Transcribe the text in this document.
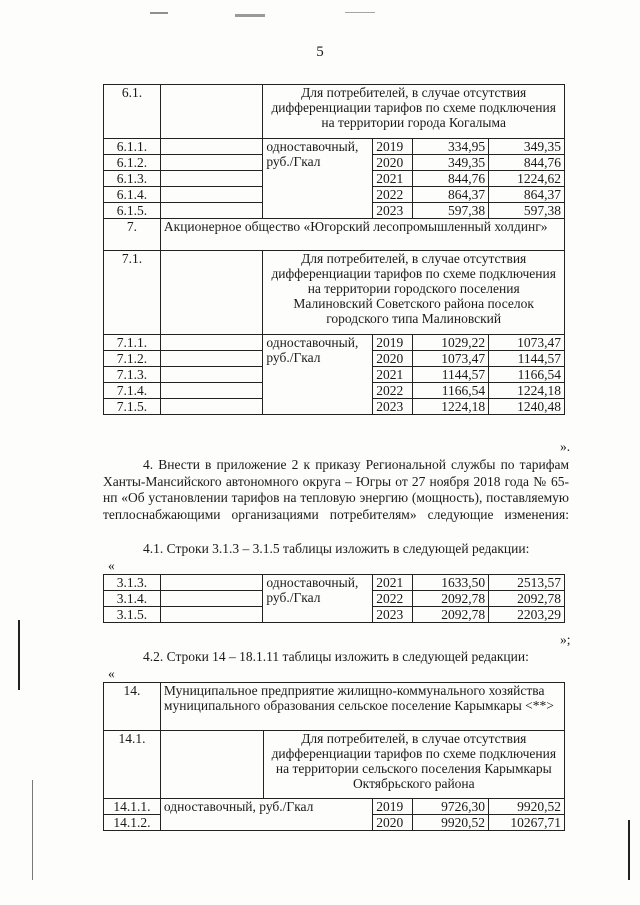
5
6.1.		Для потребителей, в случае отсутствия дифференциации тарифов по схеме подключения на территории города Когалыма			
6.1.1.		одноставочный, руб./Гкал	2019	334,95	349,35
6.1.2.			2020	349,35	844,76
6.1.3.			2021	844,76	1224,62
6.1.4.			2022	864,37	864,37
6.1.5.			2023	597,38	597,38
7.	Акционерное общество «Югорский лесопромышленный холдинг»				
7.1.		Для потребителей, в случае отсутствия дифференциации тарифов по схеме подключения на территории городского поселения Малиновский Советского района поселок городского типа Малиновский			
7.1.1.		одноставочный, руб./Гкал	2019	1029,22	1073,47
7.1.2.			2020	1073,47	1144,57
7.1.3.			2021	1144,57	1166,54
7.1.4.			2022	1166,54	1224,18
7.1.5.			2023	1224,18	1240,48
».
4. Внести в приложение 2 к приказу Региональной службы по тарифам Ханты-Мансийского автономного округа – Югры от 27 ноября 2018 года № 65-нп «Об установлении тарифов на тепловую энергию (мощность), поставляемую теплоснабжающими организациями потребителям» следующие изменения:
4.1. Строки 3.1.3 – 3.1.5 таблицы изложить в следующей редакции:
«
3.1.3.		одноставочный, руб./Гкал	2021	1633,50	2513,57
3.1.4.			2022	2092,78	2092,78
3.1.5.			2023	2092,78	2203,29
»;
4.2. Строки 14 – 18.1.11 таблицы изложить в следующей редакции:
«
14.	Муниципальное предприятие жилищно-коммунального хозяйства муниципального образования сельское поселение Карымкары <**>				
14.1.		Для потребителей, в случае отсутствия дифференциации тарифов по схеме подключения на территории сельского поселения Карымкары Октябрьского района			
14.1.1.	одноставочный, руб./Гкал		2019	9726,30	9920,52
14.1.2.			2020	9920,52	10267,71
